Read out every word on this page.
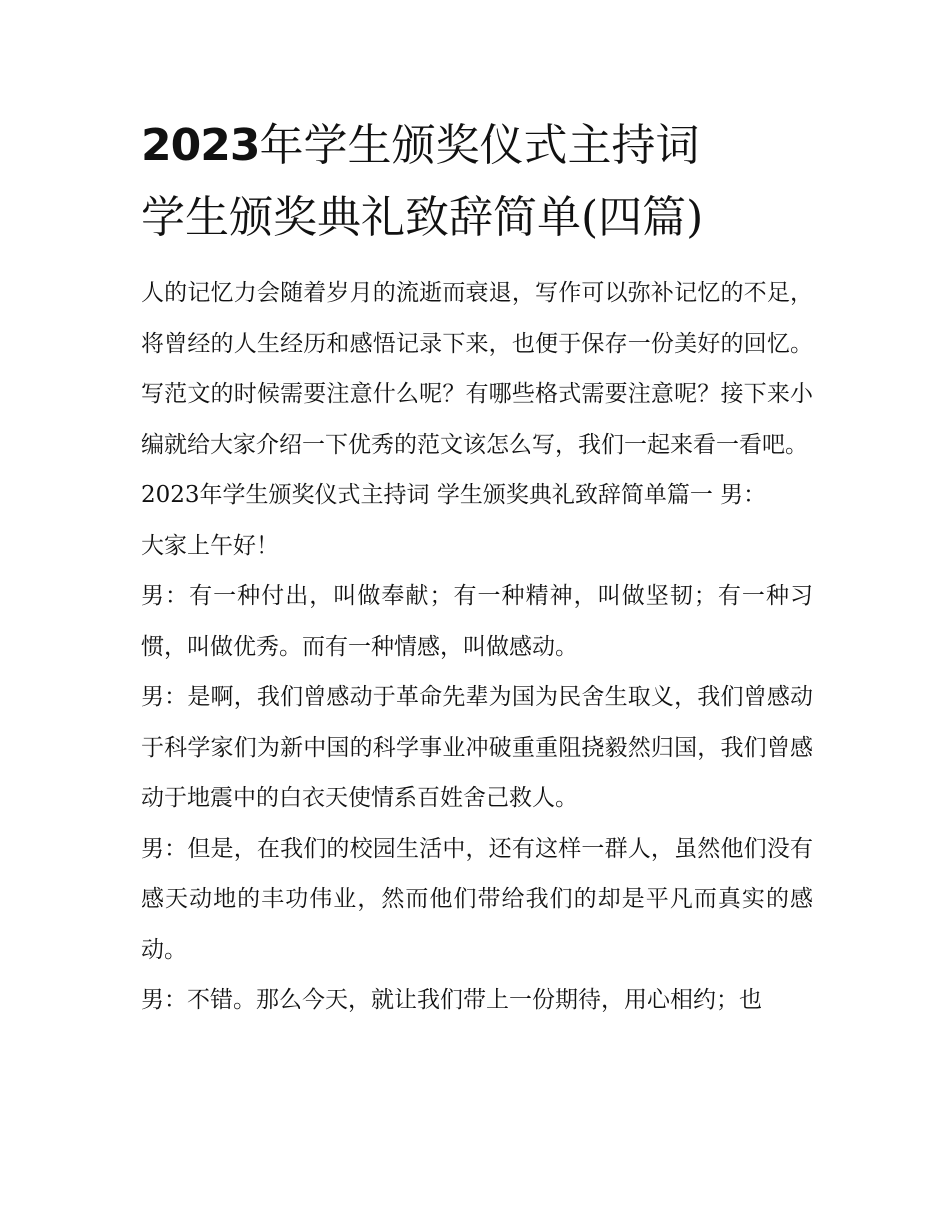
2023年学生颁奖仪式主持词
学生颁奖典礼致辞简单(四篇)

人的记忆力会随着岁月的流逝而衰退，写作可以弥补记忆的不足，将曾经的人生经历和感悟记录下来，也便于保存一份美好的回忆。写范文的时候需要注意什么呢？有哪些格式需要注意呢？接下来小编就给大家介绍一下优秀的范文该怎么写，我们一起来看一看吧。

2023年学生颁奖仪式主持词 学生颁奖典礼致辞简单篇一 男：

大家上午好！

男：有一种付出，叫做奉献；有一种精神，叫做坚韧；有一种习惯，叫做优秀。而有一种情感，叫做感动。

男：是啊，我们曾感动于革命先辈为国为民舍生取义，我们曾感动于科学家们为新中国的科学事业冲破重重阻挠毅然归国，我们曾感动于地震中的白衣天使情系百姓舍己救人。

男：但是，在我们的校园生活中，还有这样一群人，虽然他们没有感天动地的丰功伟业，然而他们带给我们的却是平凡而真实的感动。

男：不错。那么今天，就让我们带上一份期待，用心相约；也
